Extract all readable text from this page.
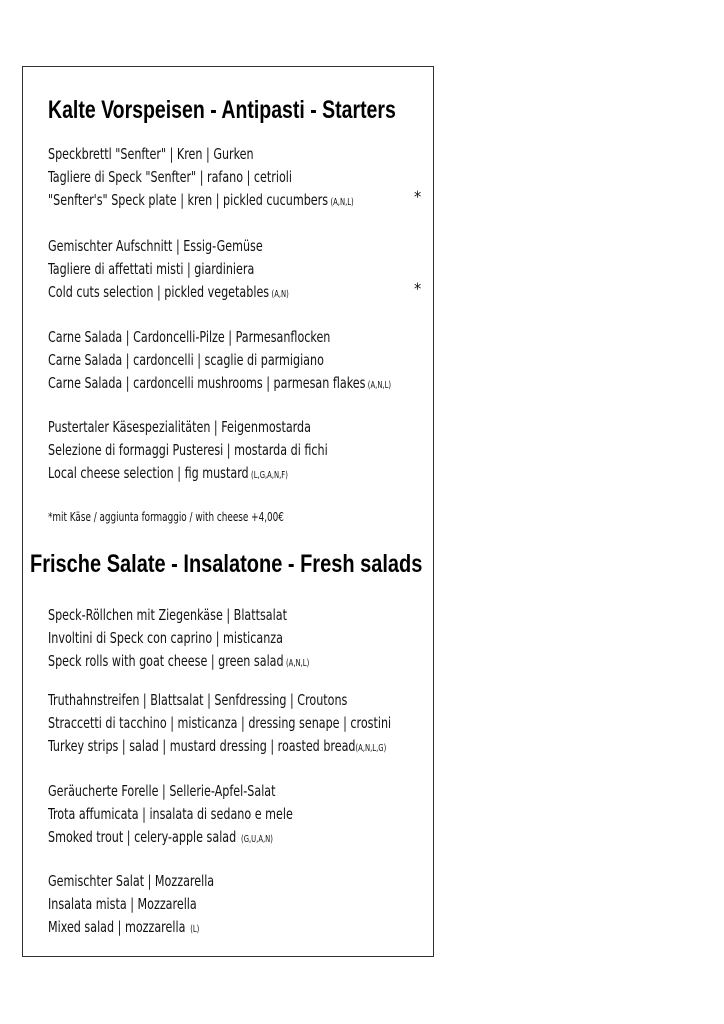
Kalte Vorspeisen - Antipasti - Starters
Speckbrettl "Senfter" | Kren | Gurken
Tagliere di Speck "Senfter" | rafano | cetrioli
"Senfter's" Speck plate | kren | pickled cucumbers (A,N,L)	*
Gemischter Aufschnitt | Essig-Gemüse
Tagliere di affettati misti | giardiniera
Cold cuts selection | pickled vegetables (A,N)	*
Carne Salada | Cardoncelli-Pilze | Parmesanflocken
Carne Salada | cardoncelli | scaglie di parmigiano
Carne Salada | cardoncelli mushrooms | parmesan flakes (A,N,L)
Pustertaler Käsespezialitäten | Feigenmostarda
Selezione di formaggi Pusteresi | mostarda di fichi
Local cheese selection | fig mustard (L,G,A,N,F)
*mit Käse / aggiunta formaggio / with cheese +4,00€
Frische Salate - Insalatone - Fresh salads
Speck-Röllchen mit Ziegenkäse | Blattsalat
Involtini di Speck con caprino | misticanza
Speck rolls with goat cheese | green salad (A,N,L)
Truthahnstreifen | Blattsalat | Senfdressing | Croutons
Straccetti di tacchino | misticanza | dressing senape | crostini
Turkey strips | salad | mustard dressing | roasted bread(A,N,L,G)
Geräucherte Forelle | Sellerie-Apfel-Salat
Trota affumicata | insalata di sedano e mele
Smoked trout | celery-apple salad (G,U,A,N)
Gemischter Salat | Mozzarella
Insalata mista | Mozzarella
Mixed salad | mozzarella (L)
